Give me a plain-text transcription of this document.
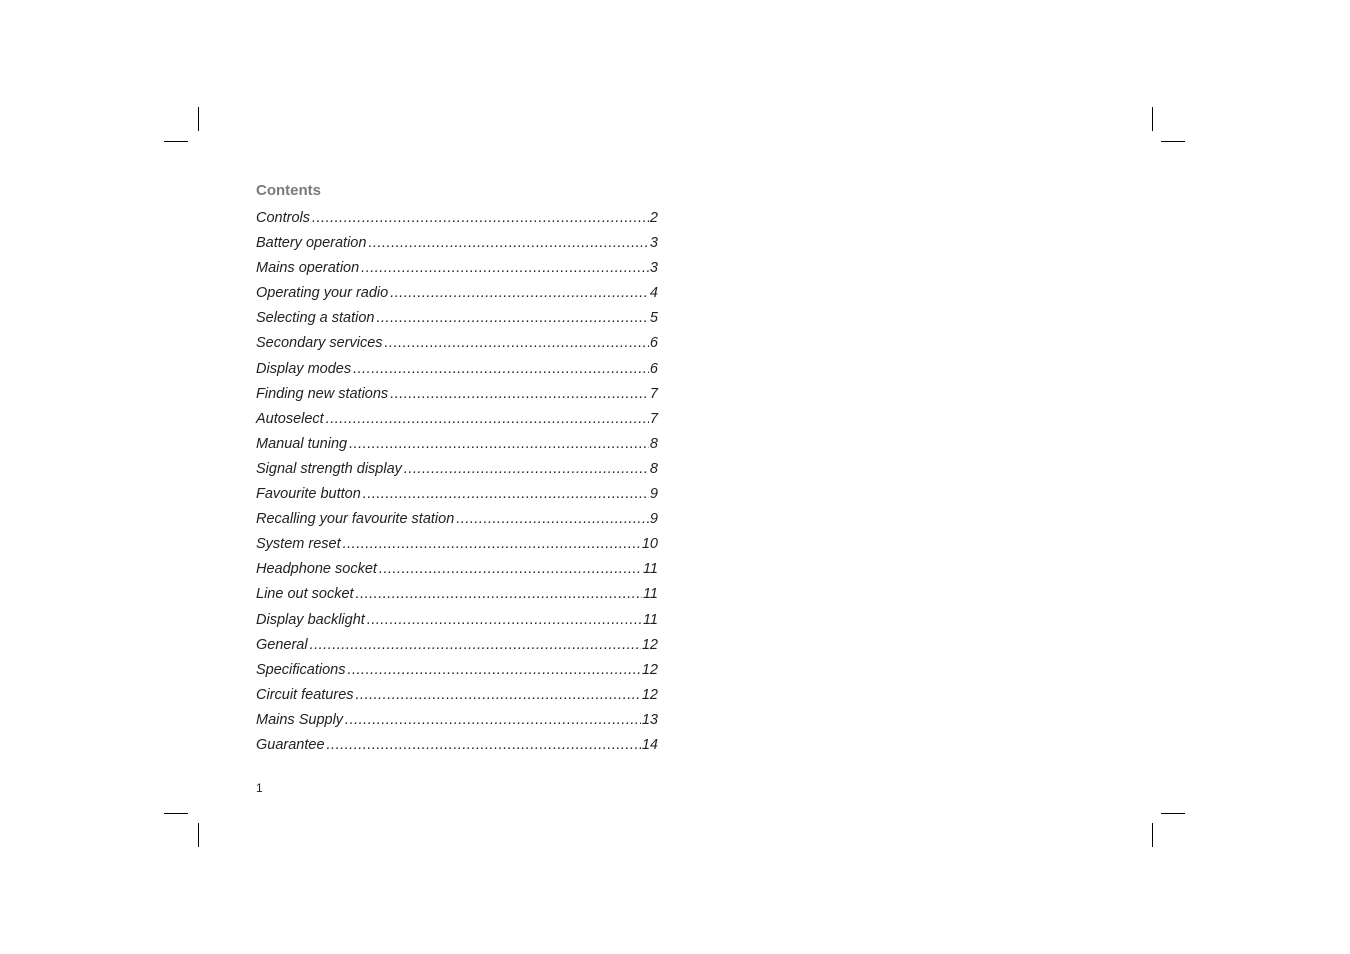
Contents
Controls .....	2
Battery operation .....	3
Mains operation .....	3
Operating your radio .....	4
Selecting a station .....	5
Secondary services .....	6
Display modes .....	6
Finding new stations .....	7
Autoselect .....	7
Manual tuning .....	8
Signal strength display .....	8
Favourite button .....	9
Recalling your favourite station .....	9
System reset .....	10
Headphone socket .....	11
Line out socket .....	11
Display backlight .....	11
General .....	12
Specifications .....	12
Circuit features .....	12
Mains Supply .....	13
Guarantee .....	14
1
